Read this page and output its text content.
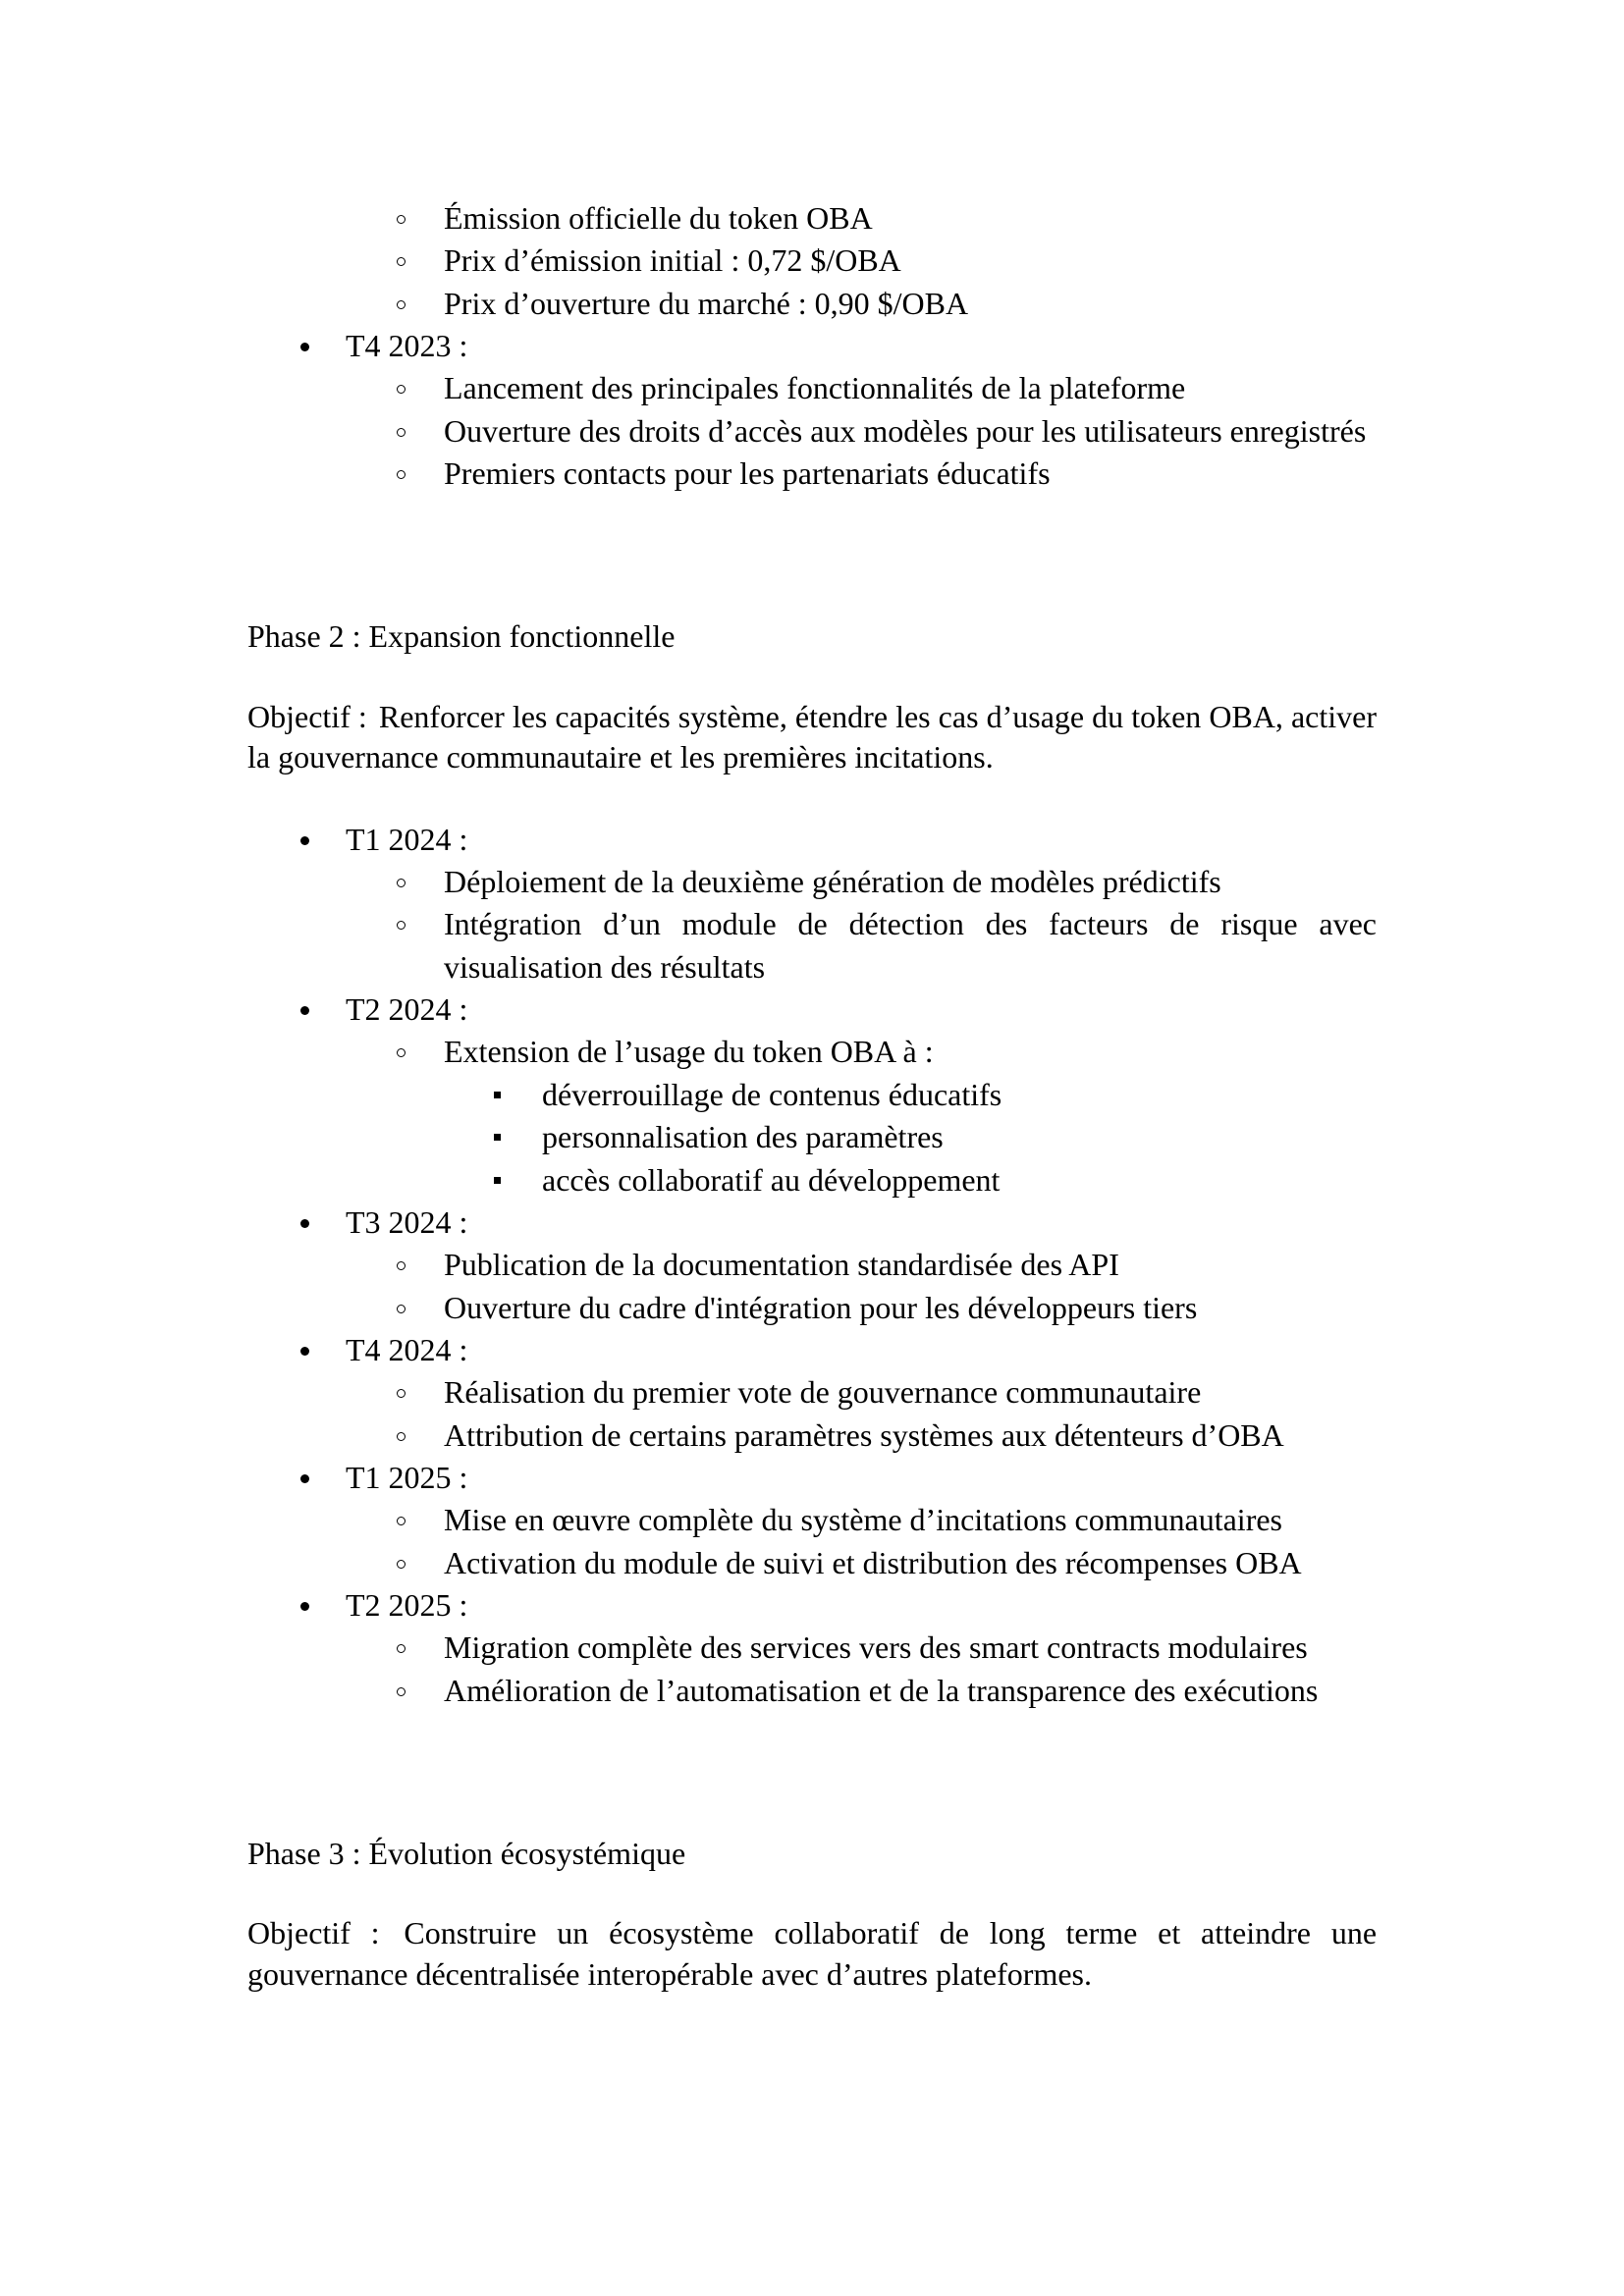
Émission officielle du token OBA
Prix d’émission initial : 0,72 $/OBA
Prix d’ouverture du marché : 0,90 $/OBA
T4 2023 :
Lancement des principales fonctionnalités de la plateforme
Ouverture des droits d’accès aux modèles pour les utilisateurs enregistrés
Premiers contacts pour les partenariats éducatifs
Phase 2 : Expansion fonctionnelle

Objectif : Renforcer les capacités système, étendre les cas d’usage du token OBA, activer la gouvernance communautaire et les premières incitations.

T1 2024 :
Déploiement de la deuxième génération de modèles prédictifs
Intégration d’un module de détection des facteurs de risque avec visualisation des résultats
T2 2024 :
Extension de l’usage du token OBA à :
déverrouillage de contenus éducatifs
personnalisation des paramètres
accès collaboratif au développement
T3 2024 :
Publication de la documentation standardisée des API
Ouverture du cadre d'intégration pour les développeurs tiers
T4 2024 :
Réalisation du premier vote de gouvernance communautaire
Attribution de certains paramètres systèmes aux détenteurs d’OBA
T1 2025 :
Mise en œuvre complète du système d’incitations communautaires
Activation du module de suivi et distribution des récompenses OBA
T2 2025 :
Migration complète des services vers des smart contracts modulaires
Amélioration de l’automatisation et de la transparence des exécutions
Phase 3 : Évolution écosystémique

Objectif : Construire un écosystème collaboratif de long terme et atteindre une gouvernance décentralisée interopérable avec d’autres plateformes.
